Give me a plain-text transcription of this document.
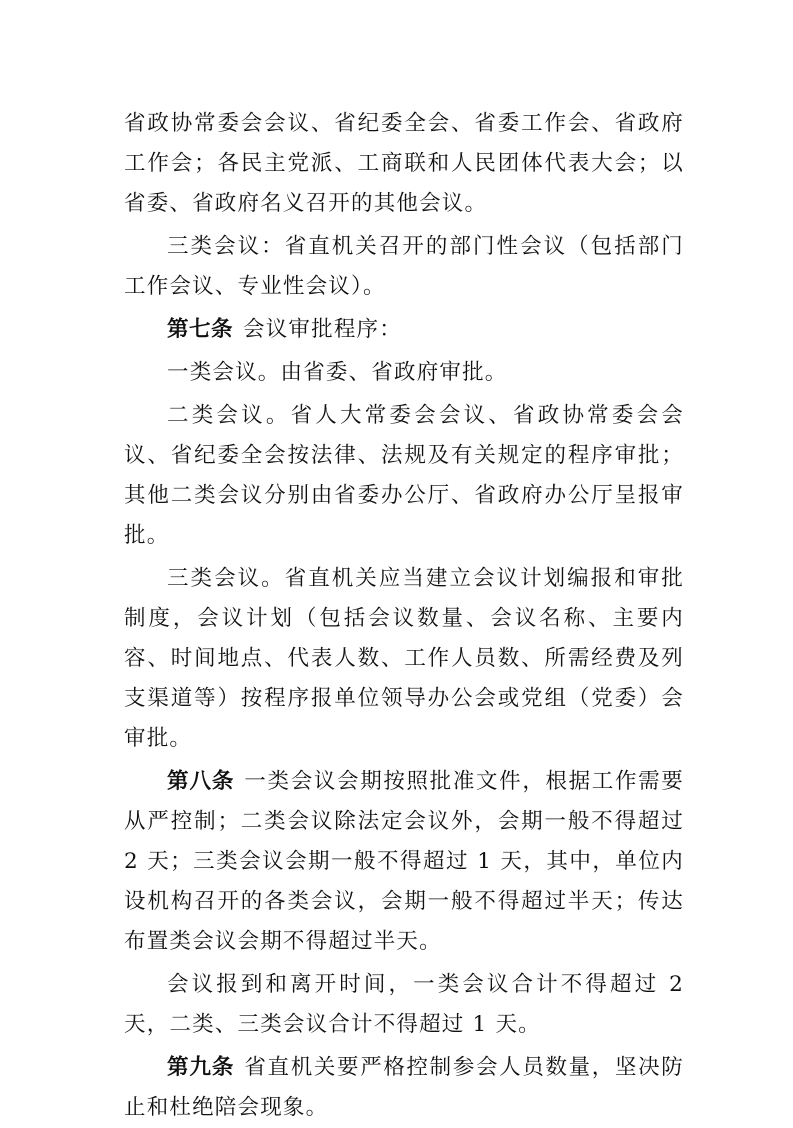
省政协常委会会议、省纪委全会、省委工作会、省政府工作会；各民主党派、工商联和人民团体代表大会；以省委、省政府名义召开的其他会议。

三类会议：省直机关召开的部门性会议（包括部门工作会议、专业性会议）。

第七条 会议审批程序：

一类会议。由省委、省政府审批。

二类会议。省人大常委会会议、省政协常委会会议、省纪委全会按法律、法规及有关规定的程序审批；其他二类会议分别由省委办公厅、省政府办公厅呈报审批。

三类会议。省直机关应当建立会议计划编报和审批制度，会议计划（包括会议数量、会议名称、主要内容、时间地点、代表人数、工作人员数、所需经费及列支渠道等）按程序报单位领导办公会或党组（党委）会审批。

第八条 一类会议会期按照批准文件，根据工作需要从严控制；二类会议除法定会议外，会期一般不得超过 2 天；三类会议会期一般不得超过 1 天，其中，单位内设机构召开的各类会议，会期一般不得超过半天；传达布置类会议会期不得超过半天。

会议报到和离开时间，一类会议合计不得超过 2 天，二类、三类会议合计不得超过 1 天。

第九条 省直机关要严格控制参会人员数量，坚决防止和杜绝陪会现象。
